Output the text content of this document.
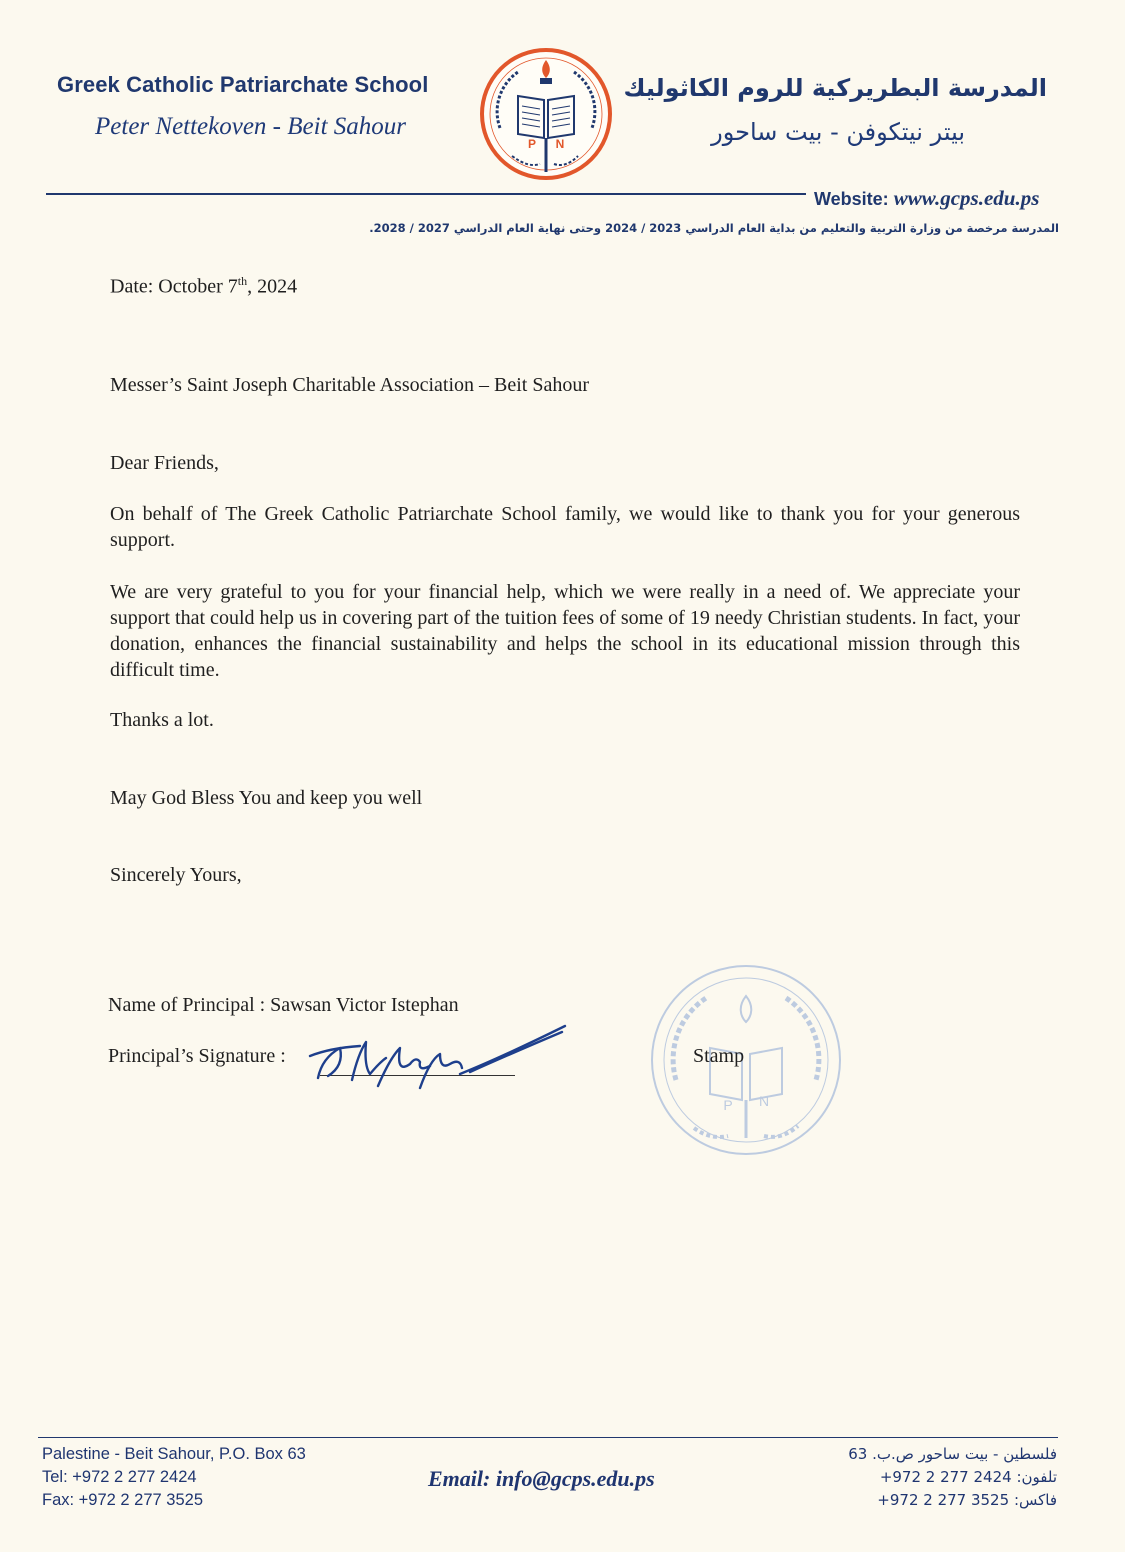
Greek Catholic Patriarchate School
Peter Nettekoven - Beit Sahour
P N
المدرسة البطريركية للروم الكاثوليك
بيتر نيتكوفن - بيت ساحور
Website: www.gcps.edu.ps
المدرسة مرخصة من وزارة التربية والتعليم من بداية العام الدراسي 2023 / 2024 وحتى نهاية العام الدراسي 2027 / 2028.
Date: October 7th, 2024
Messer’s Saint Joseph Charitable Association – Beit Sahour
Dear Friends,
On behalf of The Greek Catholic Patriarchate School family, we would like to thank you for your generous support.
We are very grateful to you for your financial help, which we were really in a need of. We appreciate your support that could help us in covering part of the tuition fees of some of 19 needy Christian students. In fact, your donation, enhances the financial sustainability and helps the school in its educational mission through this difficult time.
Thanks a lot.
May God Bless You and keep you well
Sincerely Yours,
Name of Principal : Sawsan Victor Istephan
Principal’s Signature :
P N
Stamp
Palestine - Beit Sahour, P.O. Box 63
Tel: +972 2 277 2424
Fax: +972 2 277 3525
Email: info@gcps.edu.ps
فلسطين - بيت ساحور ص.ب. 63
تلفون: +972 2 277 2424
فاكس: +972 2 277 3525
